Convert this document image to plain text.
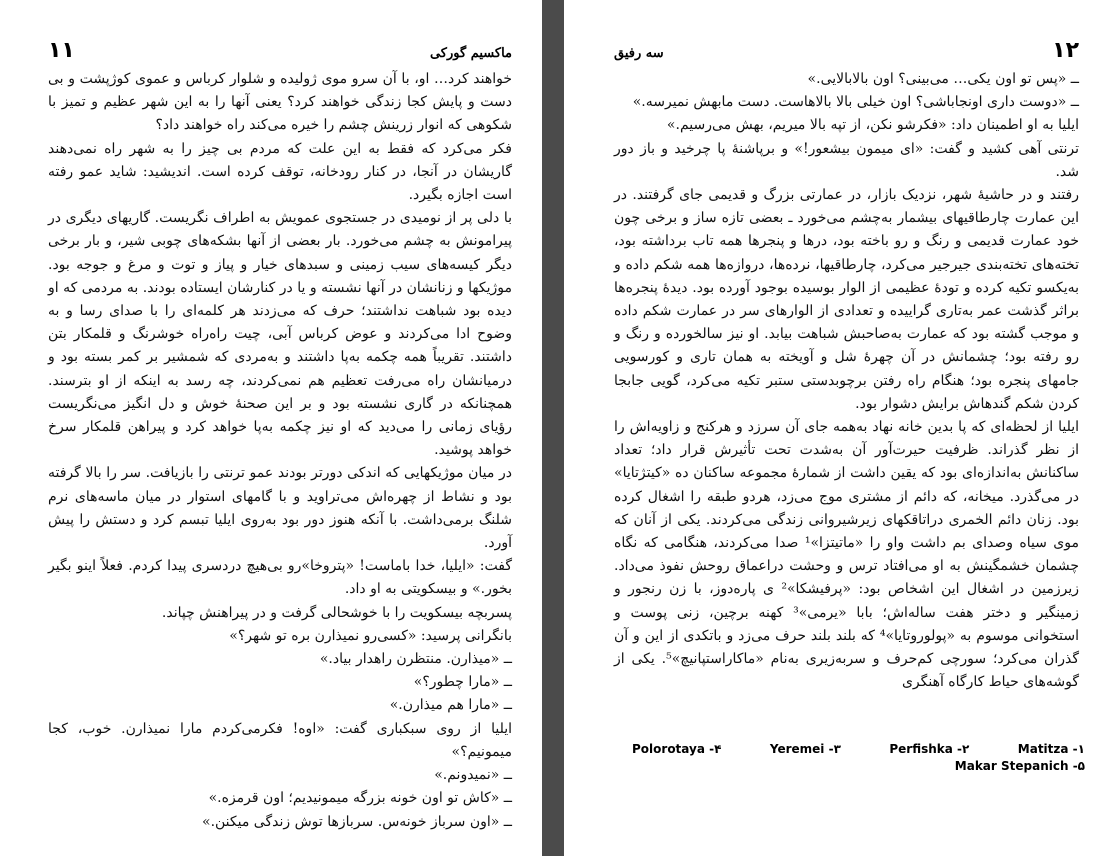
ماکسیم گورکی
۱۱

خواهند کرد… او، با آن سرو موی ژولیده و شلوار کرباس و عموی کوژپشت و بی دست و پایش کجا زندگی خواهند کرد؟ یعنی آنها را به این شهر عظیم و تمیز با شکوهی که انوار زرینش چشم را خیره می‌کند راه خواهند داد؟

فکر می‌کرد که فقط به این علت که مردم بی چیز را به شهر راه نمی‌دهند گاریشان در آنجا، در کنار رودخانه، توقف کرده است. اندیشید: شاید عمو رفته است اجازه بگیرد.

با دلی پر از نومیدی در جستجوی عمویش به اطراف نگریست. گاریهای دیگری در پیرامونش به چشم می‌خورد. بار بعضی از آنها بشکه‌های چوبی شیر، و بار برخی دیگر کیسه‌های سیب زمینی و سبدهای خیار و پیاز و توت و مرغ و جوجه بود. موژیکها و زنانشان در آنها نشسته و یا در کنارشان ایستاده بودند. به مردمی که او دیده بود شباهت نداشتند؛ حرف که می‌زدند هر کلمه‌ای را با صدای رسا و به وضوح ادا می‌کردند و عوض کرباس آبی، چیت راه‌راه خوشرنگ و قلمکار بتن داشتند. تقریباً همه چکمه به‌پا داشتند و به‌مردی که شمشیر بر کمر بسته بود و درمیانشان راه می‌رفت تعظیم هم نمی‌کردند، چه رسد به اینکه از او بترسند. همچنانکه در گاری نشسته بود و بر این صحنهٔ خوش و دل انگیز می‌نگریست رؤیای زمانی را می‌دید که او نیز چکمه به‌پا خواهد کرد و پیراهن قلمکار سرخ خواهد پوشید.

در میان موژیکهایی که اندکی دورتر بودند عمو ترنتی را بازیافت. سر را بالا گرفته بود و نشاط از چهره‌اش می‌تراوید و با گامهای استوار در میان ماسه‌های نرم شلنگ برمی‌داشت. با آنکه هنوز دور بود به‌روی ایلیا تبسم کرد و دستش را پیش آورد.

گفت: «ایلیا، خدا باماست! «پتروخا»رو بی‌هیچ دردسری پیدا کردم. فعلاً اینو بگیر بخور.» و بیسکویتی به او داد.

پسربچه بیسکویت را با خوشحالی گرفت و در پیراهنش چپاند.

بانگرانی پرسید: «کسی‌رو نمیذارن بره تو شهر؟»

ــ «میذارن. منتظرن راهدار بیاد.»

ــ «مارا چطور؟»

ــ «مارا هم میذارن.»

ایلیا از روی سبکباری گفت: «اوه! فکرمی‌کردم مارا نمیذارن. خوب، کجا میمونیم؟»

ــ «نمیدونم.»

ــ «کاش تو اون خونه بزرگه میمونیدیم؛ اون قرمزه.»

ــ «اون سرباز خونه‌س. سربازها توش زندگی میکنن.»

۱۲
سه رفیق

ــ «پس تو اون یکی… می‌بینی؟ اون بالابالایی.»

ــ «دوست داری اونجاباشی؟ اون خیلی بالا بالاهاست. دست مابهش نمیرسه.»

ایلیا به او اطمینان داد: «فکرشو نکن، از تپه بالا میریم، بهش می‌رسیم.»

ترنتی آهی کشید و گفت: «ای میمون بیشعور!» و برپاشنهٔ پا چرخید و باز دور شد.

رفتند و در حاشیهٔ شهر، نزدیک بازار، در عمارتی بزرگ و قدیمی جای گرفتند. در این عمارت چارطاقیهای بیشمار به‌چشم می‌خورد ـ بعضی تازه ساز و برخی چون خود عمارت قدیمی و رنگ و رو باخته بود، درها و پنجرها همه تاب برداشته بود، تخته‌های تخته‌بندی جیرجیر می‌کرد، چارطاقیها، نرده‌ها، دروازه‌ها همه شکم داده و به‌یکسو تکیه کرده و تودهٔ عظیمی از الوار بوسیده بوجود آورده بود. دیدهٔ پنجره‌ها براثر گذشت عمر به‌تاری گراییده و تعدادی از الوارهای سر در عمارت شکم داده و موجب گشته بود که عمارت به‌صاحبش شباهت بیابد. او نیز سالخورده و رنگ و رو رفته بود؛ چشمانش در آن چهرهٔ شل و آویخته به همان تاری و کورسویی جامهای پنجره بود؛ هنگام راه رفتن برچوبدستی ستبر تکیه می‌کرد، گویی جابجا کردن شکم گندهاش برایش دشوار بود.

ایلیا از لحظه‌ای که پا بدین خانه نهاد به‌همه جای آن سرزد و هرکنج و زاویه‌اش را از نظر گذراند. ظرفیت حیرت‌آور آن به‌شدت تحت تأثیرش قرار داد؛ تعداد ساکنانش به‌اندازه‌ای بود که یقین داشت از شمارهٔ مجموعه ساکنان ده «کیتژتایا» در می‌گذرد. میخانه، که دائم از مشتری موج می‌زد، هردو طبقه را اشغال کرده بود. زنان دائم الخمری دراتاقکهای زیرشیروانی زندگی می‌کردند. یکی از آنان که موی سیاه وصدای بم داشت واو را «ماتیتزا»¹ صدا می‌کردند، هنگامی که نگاه چشمان خشمگینش به‌ او می‌افتاد ترس و وحشت دراعماق روحش نفوذ می‌داد. زیرزمین در اشغال این اشخاص بود: «پرفیشکا»² ی پاره‌دوز، با زن رنجور و زمینگیر و دختر هفت ساله‌اش؛ بابا «یرمی»³ کهنه برچین، زنی پوست و استخوانی موسوم به «پولوروتایا»⁴ که بلند بلند حرف می‌زد و باتکدی از این و آن گذران می‌کرد؛ سورچی کم‌حرف و سربه‌زیری به‌نام «ماکاراستپانیچ»⁵. یکی از گوشه‌های حیاط کارگاه آهنگری

Polorotaya -۴	Yeremei -۳	Perfishka -۲	Matitza -۱
Makar Stepanich -۵
